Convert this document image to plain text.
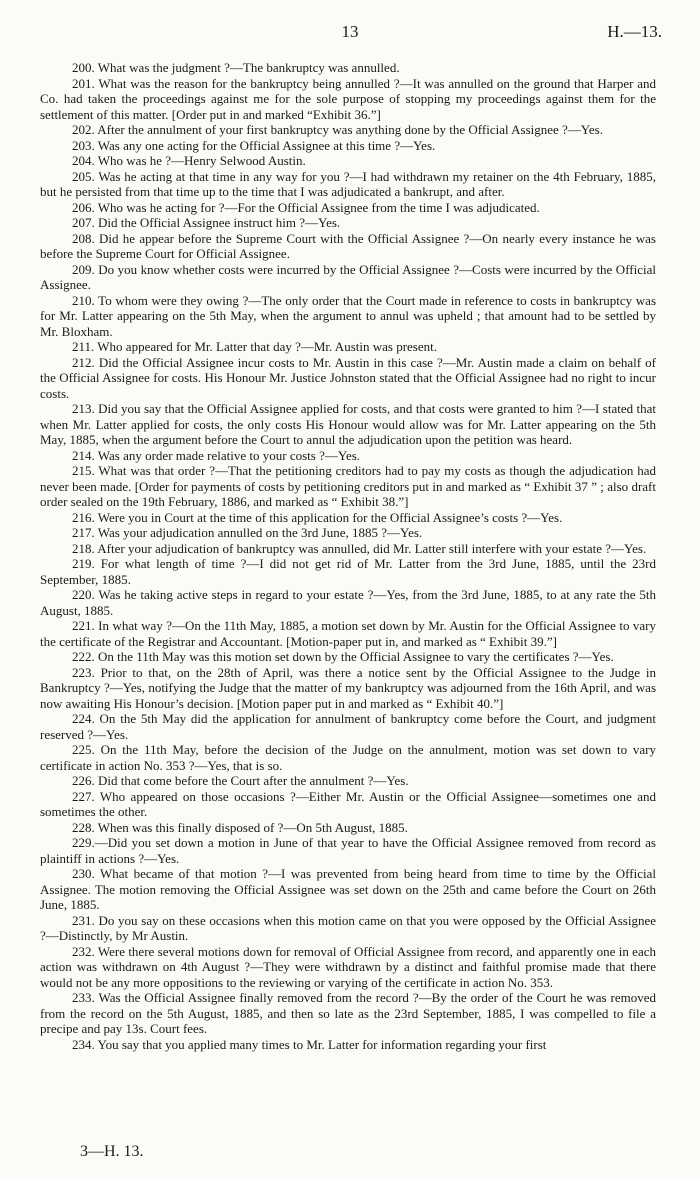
13	H.—13.

200. What was the judgment ?—The bankruptcy was annulled.

201. What was the reason for the bankruptcy being annulled ?—It was annulled on the ground that Harper and Co. had taken the proceedings against me for the sole purpose of stopping my proceedings against them for the settlement of this matter. [Order put in and marked “Exhibit 36.”]

202. After the annulment of your first bankruptcy was anything done by the Official Assignee ?—Yes.

203. Was any one acting for the Official Assignee at this time ?—Yes.

204. Who was he ?—Henry Selwood Austin.

205. Was he acting at that time in any way for you ?—I had withdrawn my retainer on the 4th February, 1885, but he persisted from that time up to the time that I was adjudicated a bankrupt, and after.

206. Who was he acting for ?—For the Official Assignee from the time I was adjudicated.

207. Did the Official Assignee instruct him ?—Yes.

208. Did he appear before the Supreme Court with the Official Assignee ?—On nearly every instance he was before the Supreme Court for Official Assignee.

209. Do you know whether costs were incurred by the Official Assignee ?—Costs were incurred by the Official Assignee.

210. To whom were they owing ?—The only order that the Court made in reference to costs in bankruptcy was for Mr. Latter appearing on the 5th May, when the argument to annul was upheld ; that amount had to be settled by Mr. Bloxham.

211. Who appeared for Mr. Latter that day ?—Mr. Austin was present.

212. Did the Official Assignee incur costs to Mr. Austin in this case ?—Mr. Austin made a claim on behalf of the Official Assignee for costs. His Honour Mr. Justice Johnston stated that the Official Assignee had no right to incur costs.

213. Did you say that the Official Assignee applied for costs, and that costs were granted to him ?—I stated that when Mr. Latter applied for costs, the only costs His Honour would allow was for Mr. Latter appearing on the 5th May, 1885, when the argument before the Court to annul the adjudication upon the petition was heard.

214. Was any order made relative to your costs ?—Yes.

215. What was that order ?—That the petitioning creditors had to pay my costs as though the adjudication had never been made. [Order for payments of costs by petitioning creditors put in and marked as “ Exhibit 37 ” ; also draft order sealed on the 19th February, 1886, and marked as “ Exhibit 38.”]

216. Were you in Court at the time of this application for the Official Assignee’s costs ?—Yes.

217. Was your adjudication annulled on the 3rd June, 1885 ?—Yes.

218. After your adjudication of bankruptcy was annulled, did Mr. Latter still interfere with your estate ?—Yes.

219. For what length of time ?—I did not get rid of Mr. Latter from the 3rd June, 1885, until the 23rd September, 1885.

220. Was he taking active steps in regard to your estate ?—Yes, from the 3rd June, 1885, to at any rate the 5th August, 1885.

221. In what way ?—On the 11th May, 1885, a motion set down by Mr. Austin for the Official Assignee to vary the certificate of the Registrar and Accountant. [Motion-paper put in, and marked as “ Exhibit 39.”]

222. On the 11th May was this motion set down by the Official Assignee to vary the certificates ?—Yes.

223. Prior to that, on the 28th of April, was there a notice sent by the Official Assignee to the Judge in Bankruptcy ?—Yes, notifying the Judge that the matter of my bankruptcy was adjourned from the 16th April, and was now awaiting His Honour’s decision. [Motion paper put in and marked as “ Exhibit 40.”]

224. On the 5th May did the application for annulment of bankruptcy come before the Court, and judgment reserved ?—Yes.

225. On the 11th May, before the decision of the Judge on the annulment, motion was set down to vary certificate in action No. 353 ?—Yes, that is so.

226. Did that come before the Court after the annulment ?—Yes.

227. Who appeared on those occasions ?—Either Mr. Austin or the Official Assignee—sometimes one and sometimes the other.

228. When was this finally disposed of ?—On 5th August, 1885.

229.—Did you set down a motion in June of that year to have the Official Assignee removed from record as plaintiff in actions ?—Yes.

230. What became of that motion ?—I was prevented from being heard from time to time by the Official Assignee. The motion removing the Official Assignee was set down on the 25th and came before the Court on 26th June, 1885.

231. Do you say on these occasions when this motion came on that you were opposed by the Official Assignee ?—Distinctly, by Mr Austin.

232. Were there several motions down for removal of Official Assignee from record, and apparently one in each action was withdrawn on 4th August ?—They were withdrawn by a distinct and faithful promise made that there would not be any more oppositions to the reviewing or varying of the certificate in action No. 353.

233. Was the Official Assignee finally removed from the record ?—By the order of the Court he was removed from the record on the 5th August, 1885, and then so late as the 23rd September, 1885, I was compelled to file a precipe and pay 13s. Court fees.

234. You say that you applied many times to Mr. Latter for information regarding your first

3—H. 13.
